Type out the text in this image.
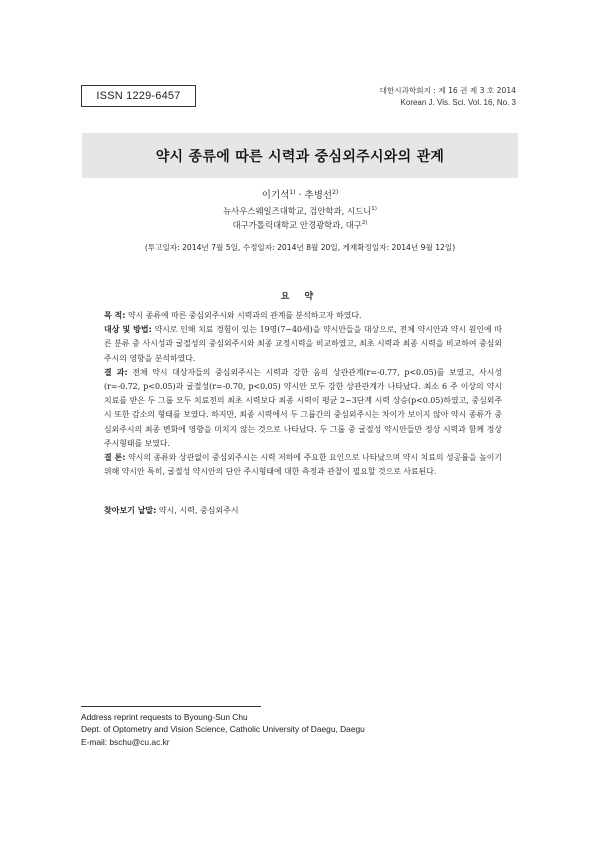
ISSN 1229-6457	대한시과학회지 : 제 16 권 제 3 호 2014
Korean J. Vis. Sci. Vol. 16, No. 3
약시 종류에 따른 시력과 중심외주시와의 관계
이기석$^{1)}$ · 추병선$^{2)}$
뉴사우스웨일즈대학교, 검안학과, 시드니$^{1)}$
대구가톨릭대학교 안경광학과, 대구$^{2)}$
(투고일자: 2014년 7월 5일, 수정일자: 2014년 8월 20일, 게재확정일자: 2014년 9월 12일)
요 약

목 적: 약시 종류에 따른 중심외주시와 시력과의 관계를 분석하고자 하였다.

대상 및 방법: 약시로 인해 치료 경험이 있는 19명(7~40세)을 약시안들을 대상으로, 전체 약시안과 약시 원인에 따른 분류 중 사시성과 굴절성의 중심외주시와 최종 교정시력을 비교하였고, 최초 시력과 최종 시력을 비교하여 중심외주시의 영향을 분석하였다.

결 과: 전체 약시 대상자들의 중심외주시는 시력과 강한 음의 상관관계(r=-0.77, p<0.05)를 보였고, 사시성(r=-0.72, p<0.05)과 굴절성(r=-0.70, p<0.05) 약시안 모두 강한 상관관계가 나타났다. 최소 6 주 이상의 약시 치료를 받은 두 그룹 모두 치료전의 최초 시력보다 최종 시력이 평균 2~3단계 시력 상승(p<0.05)하였고, 중심외주시 또한 감소의 형태를 보였다. 하지만, 최종 시력에서 두 그룹간의 중심외주시는 차이가 보이지 않아 약시 종류가 중심외주시의 최종 변화에 영향을 미치지 않는 것으로 나타났다. 두 그룹 중 굴절성 약시안들만 정상 시력과 함께 정상 주시형태를 보였다.

결 론: 약시의 종류와 상관없이 중심외주시는 시력 저하에 주요한 요인으로 나타났으며 약시 치료의 성공률을 높이기 위해 약시안 특히, 굴절성 약시안의 단안 주시형태에 대한 측정과 관찰이 필요할 것으로 사료된다.

찾아보기 낱말: 약시, 시력, 중심외주시
Address reprint requests to Byoung-Sun Chu
Dept. of Optometry and Vision Science, Catholic University of Daegu, Daegu
E-mail: bschu@cu.ac.kr
